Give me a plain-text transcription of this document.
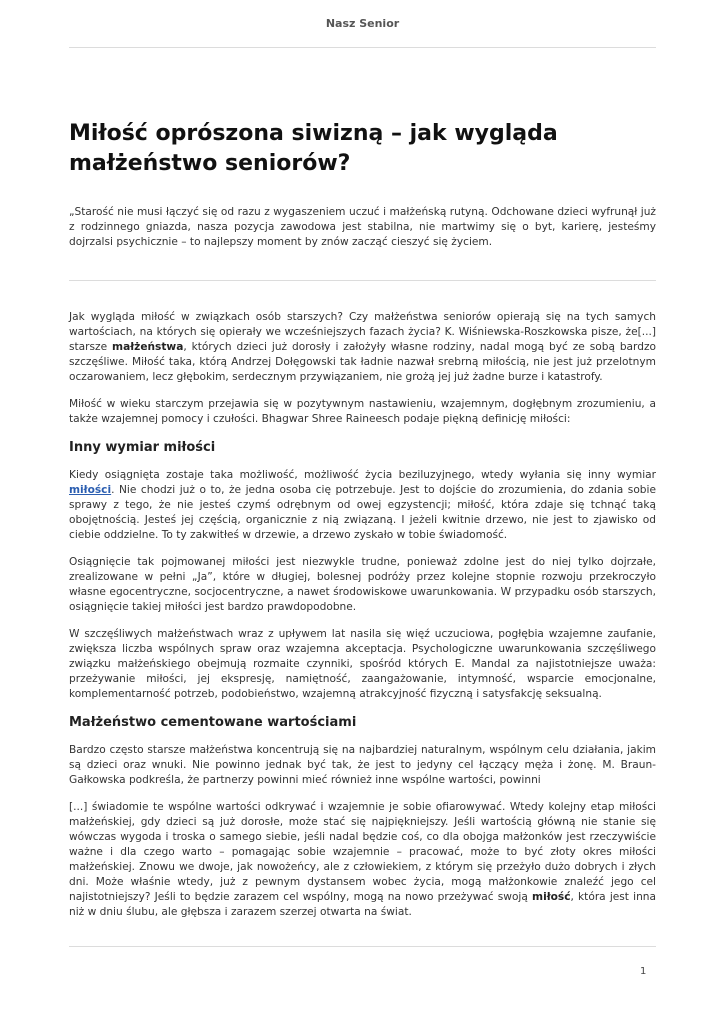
Nasz Senior
Miłość oprószona siwizną – jak wygląda małżeństwo seniorów?

„Starość nie musi łączyć się od razu z wygaszeniem uczuć i małżeńską rutyną. Odchowane dzieci wyfrunął już z rodzinnego gniazda, nasza pozycja zawodowa jest stabilna, nie martwimy się o byt, karierę, jesteśmy dojrzalsi psychicznie – to najlepszy moment by znów zacząć cieszyć się życiem.

Jak wygląda miłość w związkach osób starszych? Czy małżeństwa seniorów opierają się na tych samych wartościach, na których się opierały we wcześniejszych fazach życia? K. Wiśniewska-Roszkowska pisze, że[...] starsze małżeństwa, których dzieci już dorosły i założyły własne rodziny, nadal mogą być ze sobą bardzo szczęśliwe. Miłość taka, którą Andrzej Dołęgowski tak ładnie nazwał srebrną miłością, nie jest już przelotnym oczarowaniem, lecz głębokim, serdecznym przywiązaniem, nie grożą jej już żadne burze i katastrofy.

Miłość w wieku starczym przejawia się w pozytywnym nastawieniu, wzajemnym, dogłębnym zrozumieniu, a także wzajemnej pomocy i czułości. Bhagwar Shree Raineesch podaje piękną definicję miłości:

Inny wymiar miłości

Kiedy osiągnięta zostaje taka możliwość, możliwość życia beziluzyjnego, wtedy wyłania się inny wymiar miłości. Nie chodzi już o to, że jedna osoba cię potrzebuje. Jest to dojście do zrozumienia, do zdania sobie sprawy z tego, że nie jesteś czymś odrębnym od owej egzystencji; miłość, która zdaje się tchnąć taką obojętnością. Jesteś jej częścią, organicznie z nią związaną. I jeżeli kwitnie drzewo, nie jest to zjawisko od ciebie oddzielne. To ty zakwitłeś w drzewie, a drzewo zyskało w tobie świadomość.

Osiągnięcie tak pojmowanej miłości jest niezwykle trudne, ponieważ zdolne jest do niej tylko dojrzałe, zrealizowane w pełni „Ja”, które w długiej, bolesnej podróży przez kolejne stopnie rozwoju przekroczyło własne egocentryczne, socjocentryczne, a nawet środowiskowe uwarunkowania. W przypadku osób starszych, osiągnięcie takiej miłości jest bardzo prawdopodobne.

W szczęśliwych małżeństwach wraz z upływem lat nasila się więź uczuciowa, pogłębia wzajemne zaufanie, zwiększa liczba wspólnych spraw oraz wzajemna akceptacja. Psychologiczne uwarunkowania szczęśliwego związku małżeńskiego obejmują rozmaite czynniki, spośród których E. Mandal za najistotniejsze uważa: przeżywanie miłości, jej ekspresję, namiętność, zaangażowanie, intymność, wsparcie emocjonalne, komplementarność potrzeb, podobieństwo, wzajemną atrakcyjność fizyczną i satysfakcję seksualną.

Małżeństwo cementowane wartościami

Bardzo często starsze małżeństwa koncentrują się na najbardziej naturalnym, wspólnym celu działania, jakim są dzieci oraz wnuki. Nie powinno jednak być tak, że jest to jedyny cel łączący męża i żonę. M. Braun-Gałkowska podkreśla, że partnerzy powinni mieć również inne wspólne wartości, powinni

[...] świadomie te wspólne wartości odkrywać i wzajemnie je sobie ofiarowywać. Wtedy kolejny etap miłości małżeńskiej, gdy dzieci są już dorosłe, może stać się najpiękniejszy. Jeśli wartością główną nie stanie się wówczas wygoda i troska o samego siebie, jeśli nadal będzie coś, co dla obojga małżonków jest rzeczywiście ważne i dla czego warto – pomagając sobie wzajemnie – pracować, może to być złoty okres miłości małżeńskiej. Znowu we dwoje, jak nowożeńcy, ale z człowiekiem, z którym się przeżyło dużo dobrych i złych dni. Może właśnie wtedy, już z pewnym dystansem wobec życia, mogą małżonkowie znaleźć jego cel najistotniejszy? Jeśli to będzie zarazem cel wspólny, mogą na nowo przeżywać swoją miłość, która jest inna niż w dniu ślubu, ale głębsza i zarazem szerzej otwarta na świat.

1
